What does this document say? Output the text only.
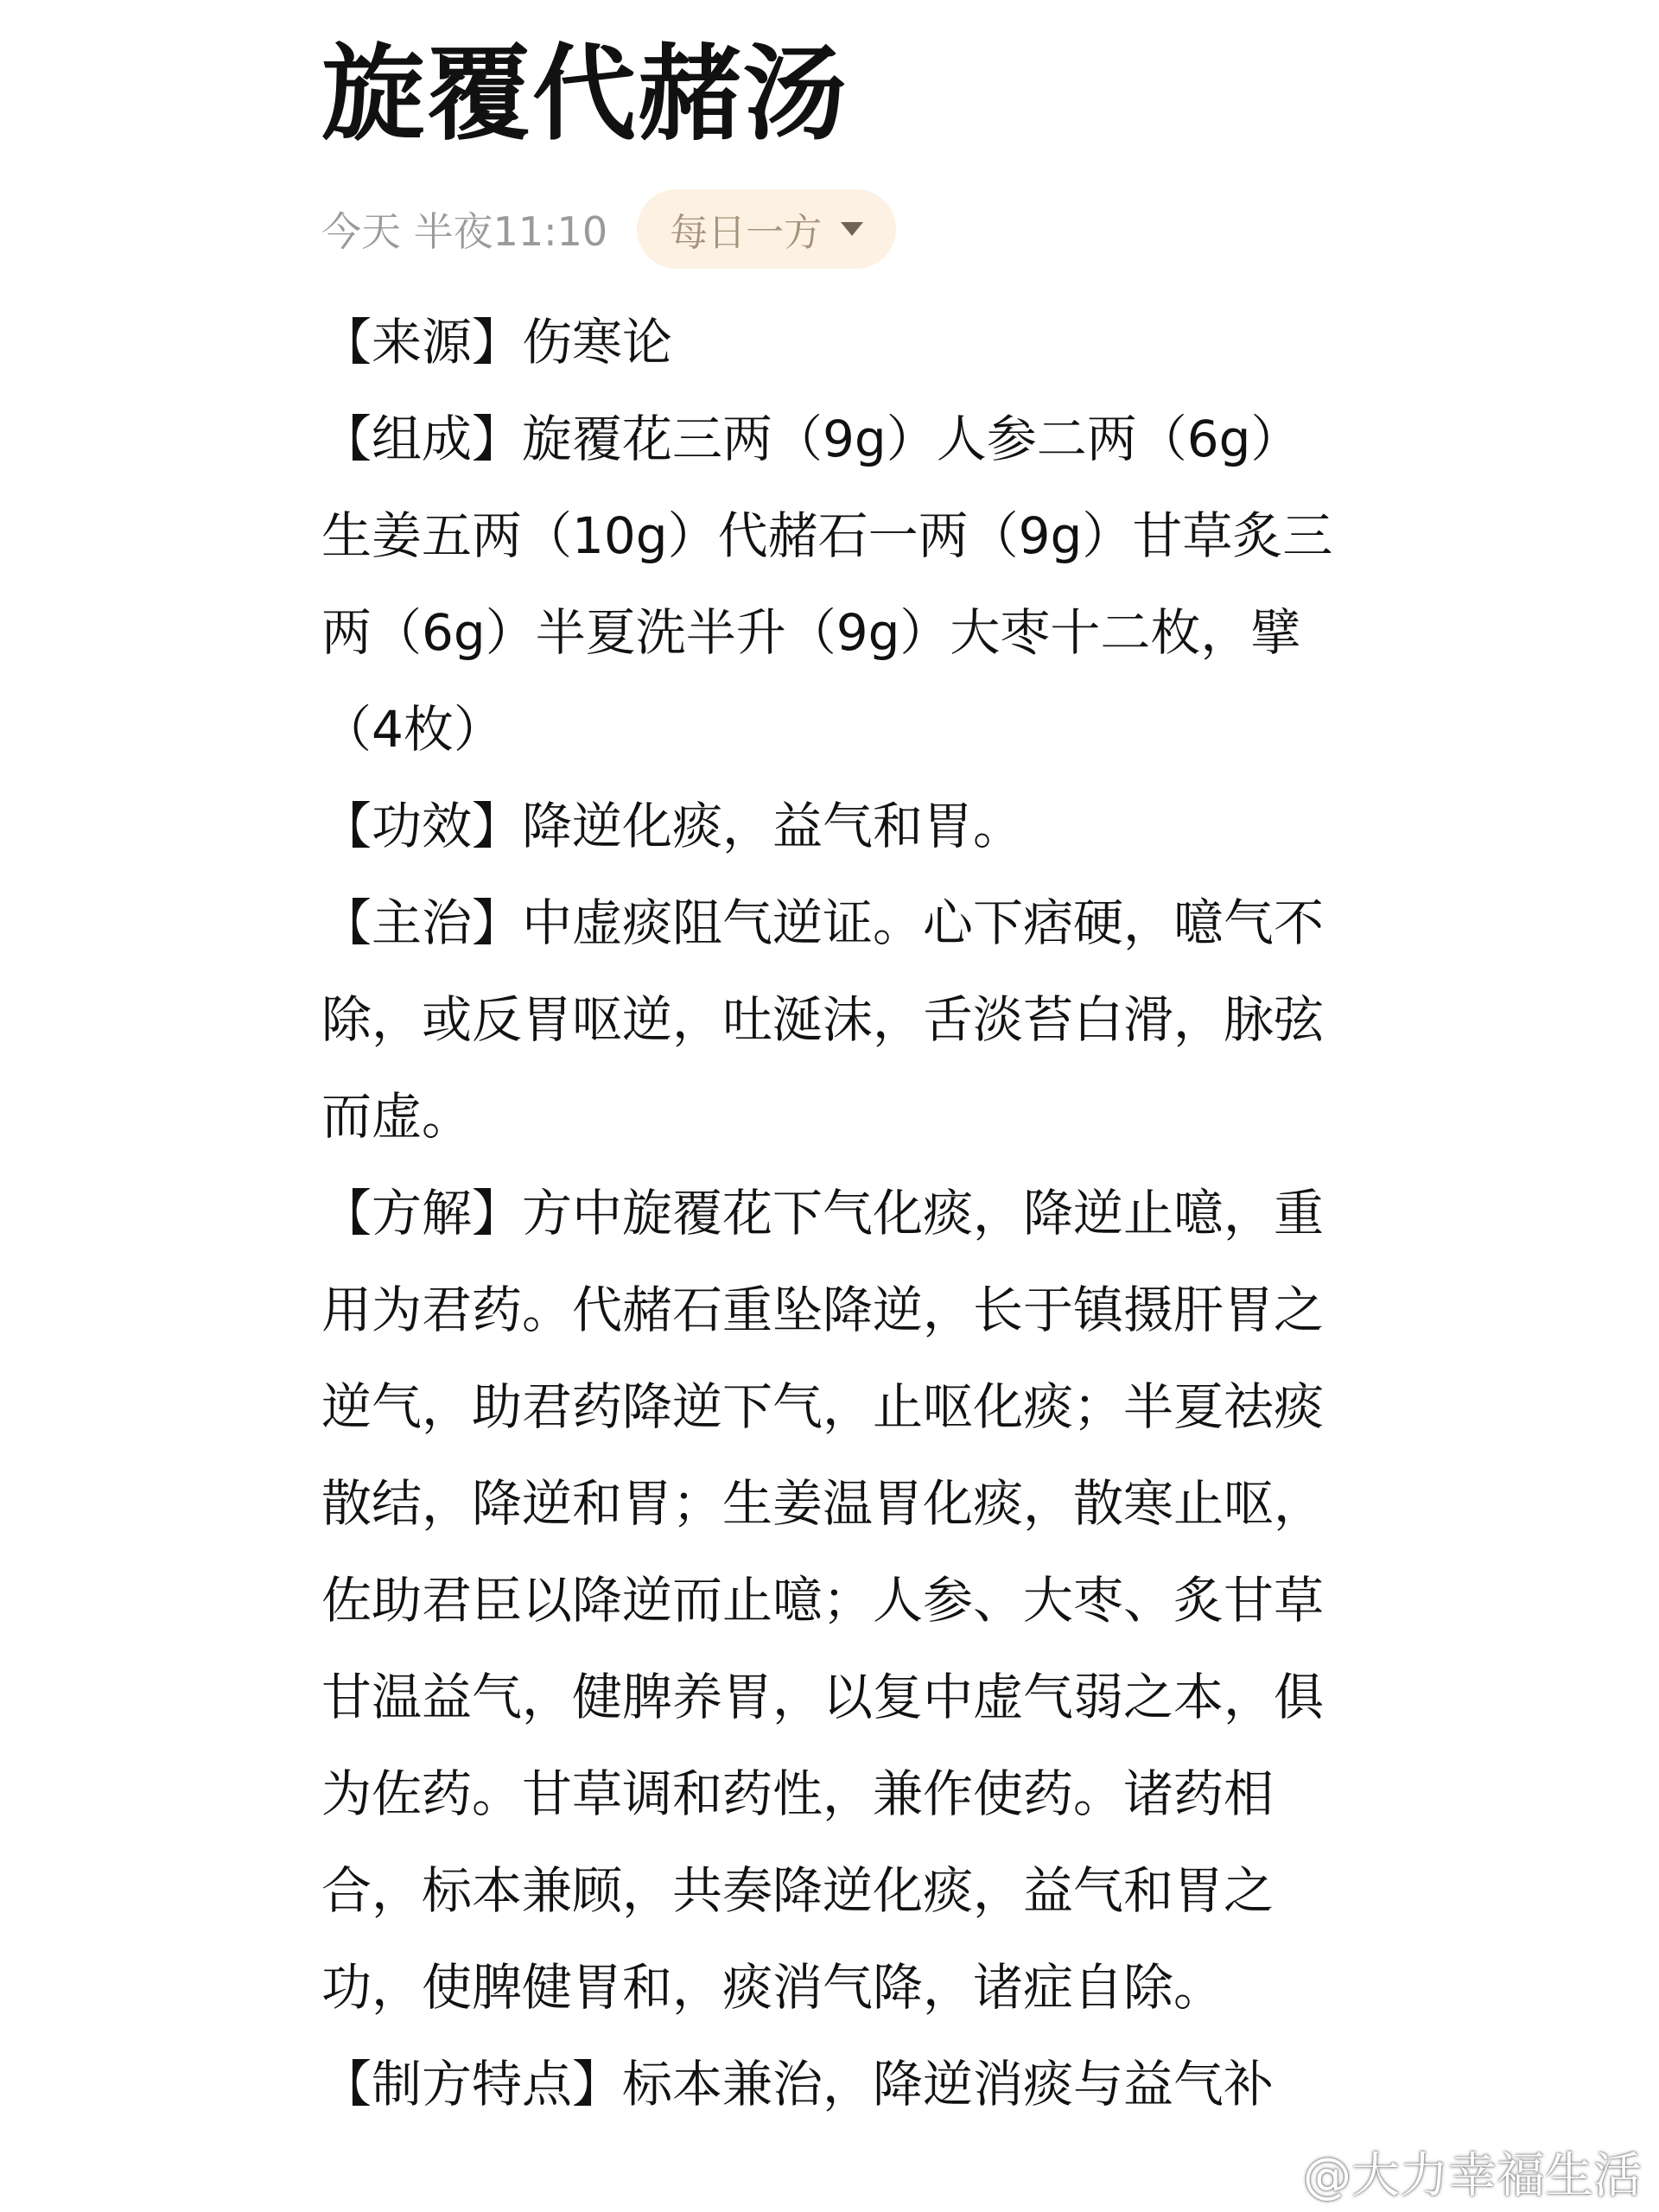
旋覆代赭汤
今天 半夜11:10 每日一方

【来源】伤寒论

【组成】旋覆花三两（9g）人参二两（6g）生姜五两（10g）代赭石一两（9g）甘草炙三两（6g）半夏洗半升（9g）大枣十二枚，擘（4枚）

【功效】降逆化痰，益气和胃。

【主治】中虚痰阻气逆证。心下痞硬，噫气不除，或反胃呕逆，吐涎沫，舌淡苔白滑，脉弦而虚。

【方解】方中旋覆花下气化痰，降逆止噫，重用为君药。代赭石重坠降逆，长于镇摄肝胃之逆气，助君药降逆下气，止呕化痰；半夏祛痰散结，降逆和胃；生姜温胃化痰，散寒止呕，佐助君臣以降逆而止噫；人参、大枣、炙甘草甘温益气，健脾养胃，以复中虚气弱之本，俱为佐药。甘草调和药性，兼作使药。诸药相合，标本兼顾，共奏降逆化痰，益气和胃之功，使脾健胃和，痰消气降，诸症自除。

【制方特点】标本兼治，降逆消痰与益气补

@大力幸福生活
